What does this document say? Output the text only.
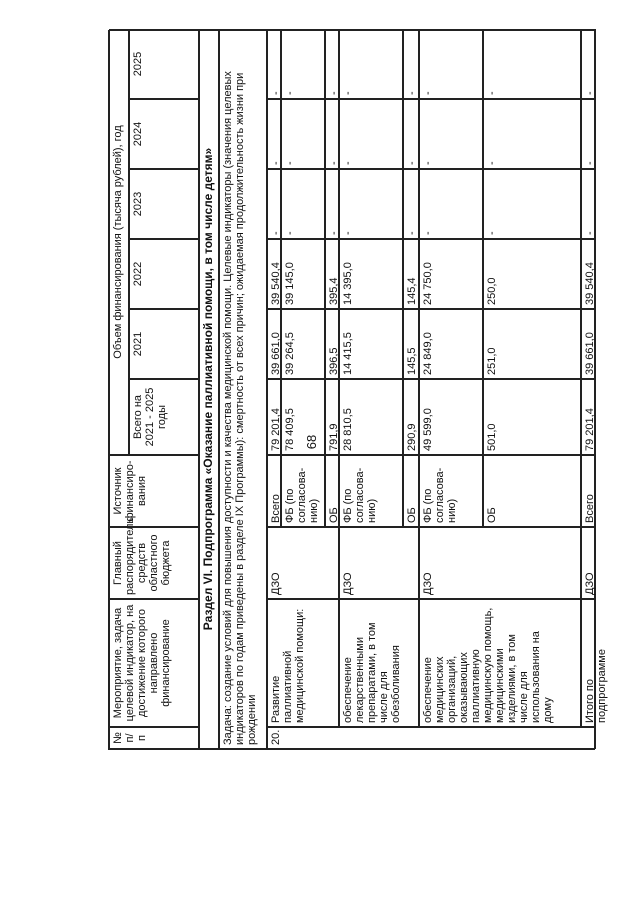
68
№ п/п
Мероприятие, задача целевой индикатор, на достижение которого направлено финансирование
Главный распорядитель средств областного бюджета
Источник финансиро-вания
Объем финансирования (тысяча рублей), год
Всего на 2021 - 2025 годы
2021
2022
2023
2024
2025
Раздел VI. Подпрограмма «Оказание паллиативной помощи, в том числе детям» Задача: создание условий для повышения доступности и качества медицинской помощи. Целевые индикаторы (значения целевых индикаторов по годам приведены в разделе IX Программы): смертность от всех причин; ожидаемая продолжительность жизни при рождении	20.
Развитие паллиативной медицинской помощи:
ДЗО
Всего
79 201,4
39 661,0
39 540,4
-
-
-
ФБ (по согласова-нию)
78 409,5
39 264,5
39 145,0
-
-
-
ОБ
791,9
396,5
395,4
-
-
-
обеспечение лекарственными препаратами, в том числе для обезболивания
ДЗО
ФБ (по согласова-нию)
28 810,5
14 415,5
14 395,0
-
-
-
ОБ
290,9
145,5
145,4
-
-
-
обеспечение медицинских организаций, оказывающих паллиативную медицинскую помощь, медицинскими изделиями, в том числе для использования на дому
ДЗО
ФБ (по согласова-нию)
49 599,0
24 849,0
24 750,0
-
-
-
ОБ
501,0
251,0
250,0
-
-
-
Итого по подпрограмме
ДЗО
Всего
79 201,4
39 661,0
39 540,4
-
-
-
